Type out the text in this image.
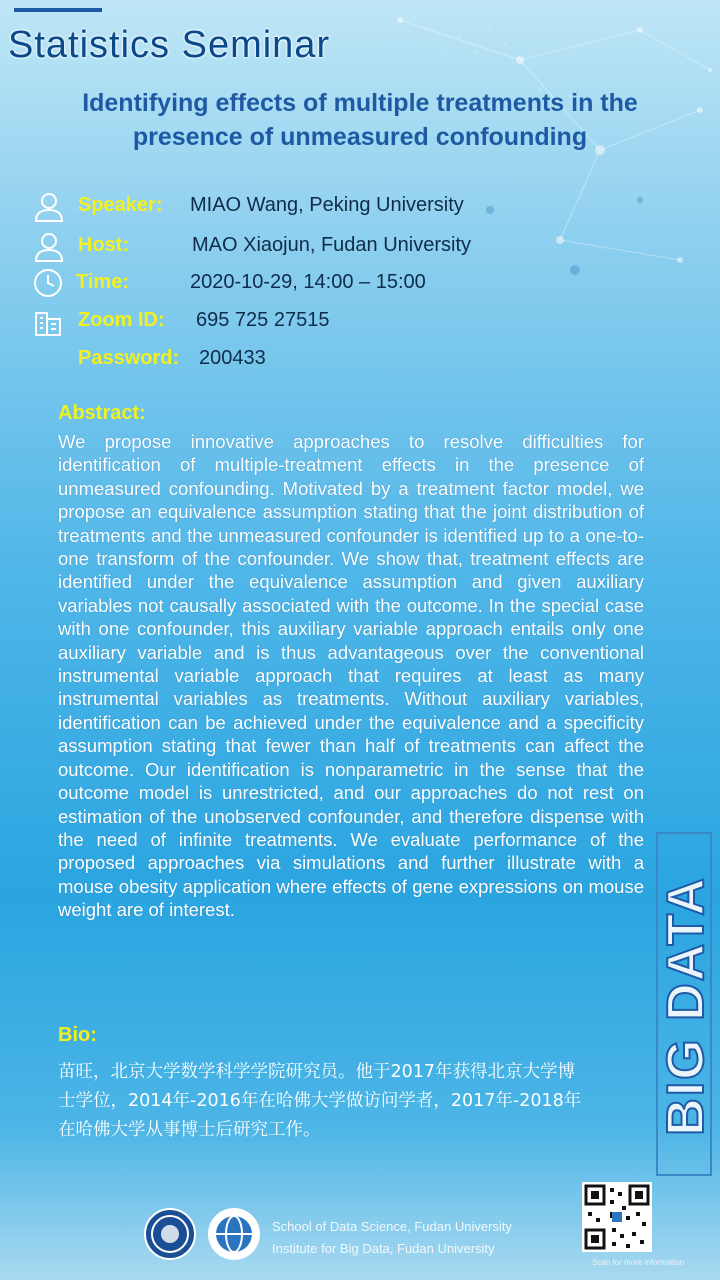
Statistics Seminar
Identifying effects of multiple treatments in the
presence of unmeasured confounding
Speaker: MIAO Wang, Peking University
Host:	MAO Xiaojun, Fudan University
Time:	2020-10-29, 14:00 – 15:00
Zoom ID: 695 725 27515
Password: 200433
Abstract:
We propose innovative approaches to resolve difficulties for identification of multiple-treatment effects in the presence of unmeasured confounding. Motivated by a treatment factor model, we propose an equivalence assumption stating that the joint distribution of treatments and the unmeasured confounder is identified up to a one-to-one transform of the confounder. We show that, treatment effects are identified under the equivalence assumption and given auxiliary variables not causally associated with the outcome. In the special case with one confounder, this auxiliary variable approach entails only one auxiliary variable and is thus advantageous over the conventional instrumental variable approach that requires at least as many instrumental variables as treatments. Without auxiliary variables, identification can be achieved under the equivalence and a specificity assumption stating that fewer than half of treatments can affect the outcome. Our identification is nonparametric in the sense that the outcome model is unrestricted, and our approaches do not rest on estimation of the unobserved confounder, and therefore dispense with the need of infinite treatments. We evaluate performance of the proposed approaches via simulations and further illustrate with a mouse obesity application where effects of gene expressions on mouse weight are of interest.
Bio:
苗旺，北京大学数学科学学院研究员。他于2017年获得北京大学博
士学位，2014年-2016年在哈佛大学做访问学者，2017年-2018年
在哈佛大学从事博士后研究工作。	BIG DATA
School of Data Science, Fudan University
Institute for Big Data, Fudan University
Scan for more information
